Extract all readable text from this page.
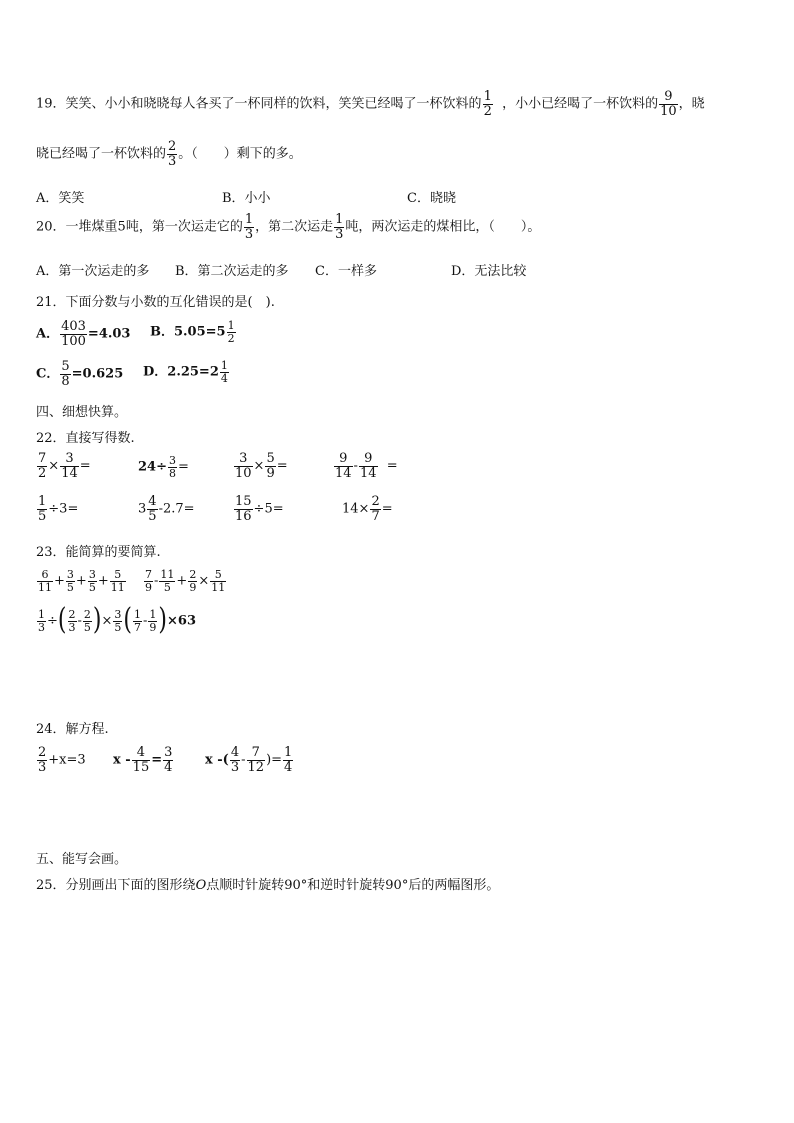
19．笑笑、小小和晓晓每人各买了一杯同样的饮料，笑笑已经喝了一杯饮料的 $\frac{1}{2}$ ，小小已经喝了一杯饮料的 $\frac{9}{10}$ ，晓
晓已经喝了一杯饮料的 $\frac{2}{3}$ 。（　　）剩下的多。
A．笑笑	B．小小	C．晓晓
20．一堆煤重5吨，第一次运走它的 $\frac{1}{3}$ ，第二次运走 $\frac{1}{3}$ 吨，两次运走的煤相比，（　　）。
A．第一次运走的多 B．第二次运走的多 C．一样多	D．无法比较
21．下面分数与小数的互化错误的是(　).
A． $\frac{403}{100} =4.03$ B．$5.05=5 \frac{1}{2}$
C． $\frac{5}{8} =0.625$ D．$2.25=2 \frac{1}{4}$
四、细想快算。
22．直接写得数.
$\frac{7}{2} \times \frac{3}{14}$ =	$24\div \frac{3}{8}$ =	$\frac{3}{10} \times \frac{5}{9}$ =	$\frac{9}{14} - \frac{9}{14}$ =
$\frac{1}{5} \div 3=$	$3 \frac{4}{5} -2.7=$	$\frac{15}{16} \div 5=$	$14\times \frac{2}{7}$ =
23．能简算的要简算.
$\frac{6}{11} + \frac{3}{5} + \frac{3}{5} + \frac{5}{11} \frac{7}{9} - \frac{11}{5} + \frac{2}{9} \times \frac{5}{11}$
$\frac{1}{3}$ ÷( $\frac{2}{3} - \frac{2}{5}$ )× $\frac{3}{5}$ ( $\frac{1}{7} - \frac{1}{9} )\times 63$
24．解方程.
$\frac{2}{3} +x=3$ $x - \frac{4}{15} = \frac{3}{4}$ x -( $\frac{4}{3} - \frac{7}{12}$ )= $\frac{1}{4}$
五、能写会画。
25．分别画出下面的图形绕O点顺时针旋转90°和逆时针旋转90°后的两幅图形。
